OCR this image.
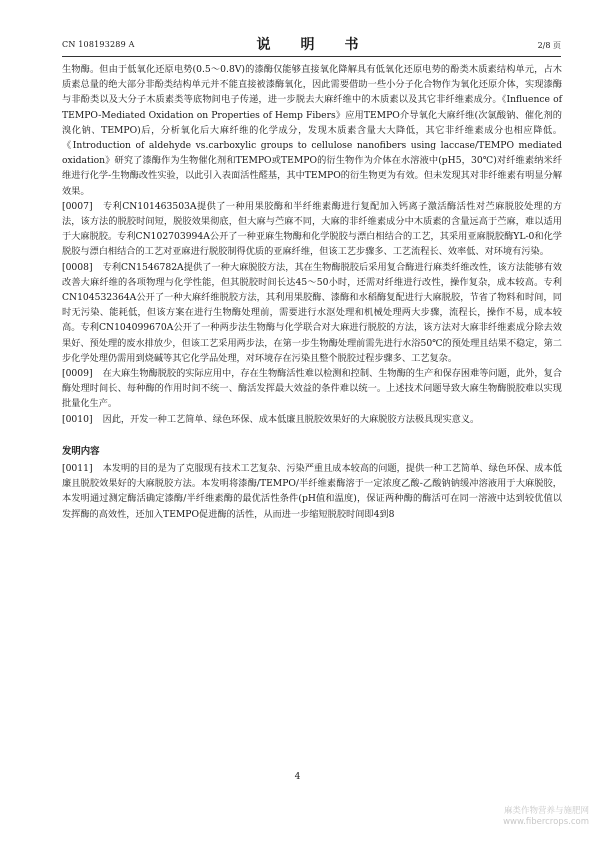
CN 108193289 A	说　明　书	2/8 页

生物酶。但由于低氧化还原电势(0.5～0.8V)的漆酶仅能够直接氧化降解具有低氧化还原电势的酚类木质素结构单元，占木质素总量的绝大部分非酚类结构单元并不能直接被漆酶氧化，因此需要借助一些小分子化合物作为氧化还原介体，实现漆酶与非酚类以及大分子木质素类等底物间电子传递，进一步脱去大麻纤维中的木质素以及其它非纤维素成分。《Influence of TEMPO-Mediated Oxidation on Properties of Hemp Fibers》应用TEMPO介导氧化大麻纤维(次氯酸钠、催化剂的溴化钠、TEMPO)后，分析氧化后大麻纤维的化学成分，发现木质素含量大大降低，其它非纤维素成分也相应降低。《Introduction of aldehyde vs.carboxylic groups to cellulose nanofibers using laccase/TEMPO mediated oxidation》研究了漆酶作为生物催化剂和TEMPO或TEMPO的衍生物作为介体在水溶液中(pH5，30℃)对纤维素纳米纤维进行化学-生物酶改性实验，以此引入表面活性醛基，其中TEMPO的衍生物更为有效。但未发现其对非纤维素有明显分解效果。

[0007] 专利CN101463503A提供了一种用果胶酶和半纤维素酶进行复配加入钙离子激活酶活性对苎麻脱胶处理的方法，该方法的脱胶时间短，脱胶效果彻底，但大麻与苎麻不同，大麻的非纤维素成分中木质素的含量远高于苎麻，难以适用于大麻脱胶。专利CN102703994A公开了一种亚麻生物酶和化学脱胶与漂白相结合的工艺，其采用亚麻脱胶酶YL-0和化学脱胶与漂白相结合的工艺对亚麻进行脱胶制得优质的亚麻纤维，但该工艺步骤多、工艺流程长、效率低、对环境有污染。

[0008] 专利CN1546782A提供了一种大麻脱胶方法，其在生物酶脱胶后采用复合酶进行麻类纤维改性，该方法能够有效改善大麻纤维的各项物理与化学性能，但其脱胶时间长达45～50小时，还需对纤维进行改性，操作复杂，成本较高。专利CN104532364A公开了一种大麻纤维脱胶方法，其利用果胶酶、漆酶和水稻酶复配进行大麻脱胶，节省了物料和时间，同时无污染、能耗低，但该方案在进行生物酶处理前，需要进行水沤处理和机械处理两大步骤，流程长，操作不易，成本较高。专利CN104099670A公开了一种两步法生物酶与化学联合对大麻进行脱胶的方法，该方法对大麻非纤维素成分除去效果好、预处理的废水排放少，但该工艺采用两步法，在第一步生物酶处理前需先进行水浴50℃的预处理且结果不稳定，第二步化学处理仍需用到烧碱等其它化学品处理，对环境存在污染且整个脱胶过程步骤多、工艺复杂。

[0009] 在大麻生物酶脱胶的实际应用中，存在生物酶活性难以检测和控制、生物酶的生产和保存困难等问题，此外，复合酶处理时间长、每种酶的作用时间不统一、酶活发挥最大效益的条件难以统一。上述技术问题导致大麻生物酶脱胶难以实现批量化生产。

[0010] 因此，开发一种工艺简单、绿色环保、成本低廉且脱胶效果好的大麻脱胶方法极具现实意义。

发明内容

[0011] 本发明的目的是为了克服现有技术工艺复杂、污染严重且成本较高的问题，提供一种工艺简单、绿色环保、成本低廉且脱胶效果好的大麻脱胶方法。本发明将漆酶/TEMPO/半纤维素酶溶于一定浓度乙酸-乙酸钠钠缓冲溶液用于大麻脱胶，本发明通过测定酶活确定漆酶/半纤维素酶的最优活性条件(pH值和温度)，保证两种酶的酶活可在同一溶液中达到较优值以发挥酶的高效性，还加入TEMPO促进酶的活性，从而进一步缩短脱胶时间即4到8

4
麻类作物营养与施肥网
www.fibercrops.com
